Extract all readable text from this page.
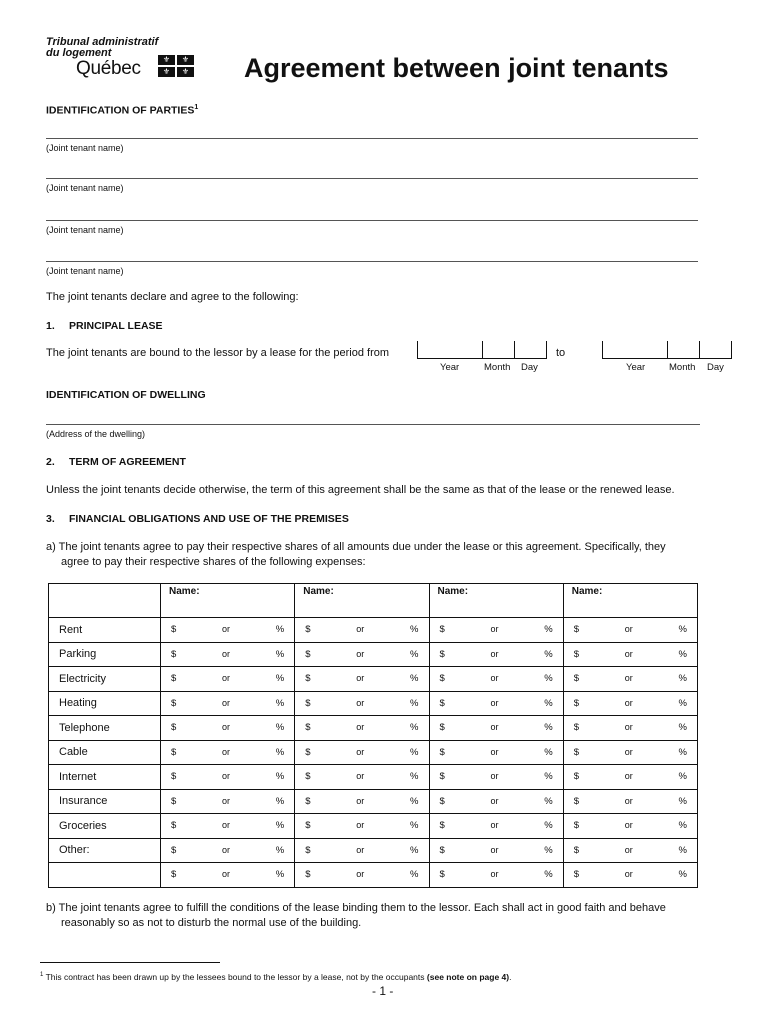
Tribunal administratif
du logement
Québec	⚜	⚜
⚜	⚜ Agreement between joint tenants
IDENTIFICATION OF PARTIES$^1$
(Joint tenant name)
(Joint tenant name)
(Joint tenant name)
(Joint tenant name)
The joint tenants declare and agree to the following:
1. PRINCIPAL LEASE
The joint tenants are bound to the lessor by a lease for the period from
Year	Month Day
to
Year	Month Day
IDENTIFICATION OF DWELLING
(Address of the dwelling)
2. TERM OF AGREEMENT
Unless the joint tenants decide otherwise, the term of this agreement shall be the same as that of the lease or the renewed lease.
3. FINANCIAL OBLIGATIONS AND USE OF THE PREMISES
a) The joint tenants agree to pay their respective shares of all amounts due under the lease or this agreement. Specifically, they
agree to pay their respective shares of the following expenses:
	Name:	Name:	Name:	Name:
Rent	$ or %	$ or %	$ or %	$ or %

Parking	$ or %	$ or %	$ or %	$ or %

Electricity	$ or %	$ or %	$ or %	$ or %

Heating	$ or %	$ or %	$ or %	$ or %

Telephone	$ or %	$ or %	$ or %	$ or %

Cable	$ or %	$ or %	$ or %	$ or %

Internet	$ or %	$ or %	$ or %	$ or %

Insurance	$ or %	$ or %	$ or %	$ or %

Groceries	$ or %	$ or %	$ or %	$ or %

Other:	$ or %	$ or %	$ or %	$ or %

	$ or %	$ or %	$ or %	$ or %
b) The joint tenants agree to fulfill the conditions of the lease binding them to the lessor. Each shall act in good faith and behave
reasonably so as not to disturb the normal use of the building.
$^1$ This contract has been drawn up by the lessees bound to the lessor by a lease, not by the occupants (see note on page 4).
- 1 -
